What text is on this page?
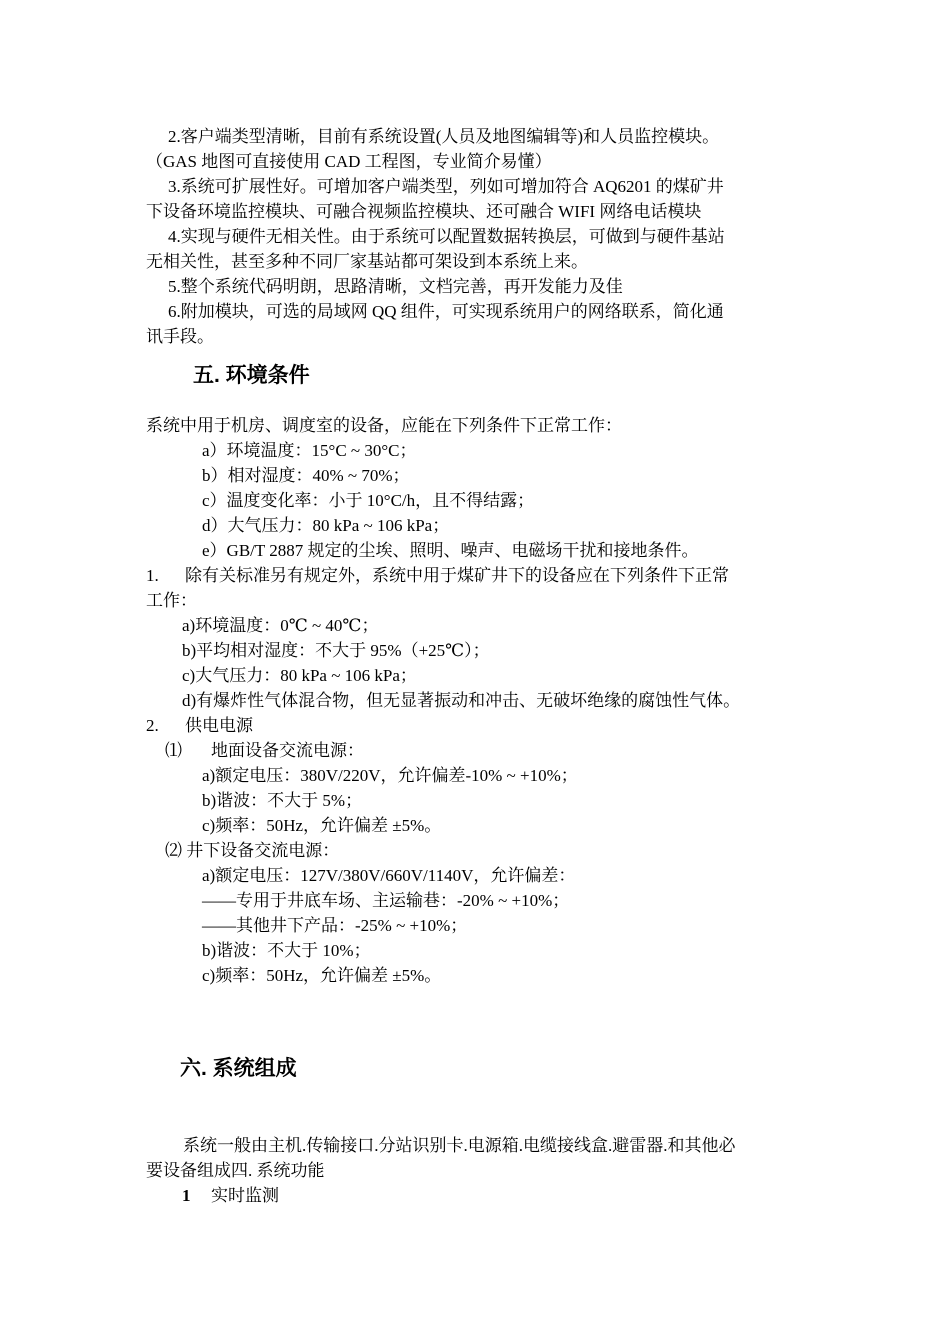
2.客户端类型清晰，目前有系统设置(人员及地图编辑等)和人员监控模块。
（GAS 地图可直接使用 CAD 工程图，专业简介易懂）
3.系统可扩展性好。可增加客户端类型，列如可增加符合 AQ6201 的煤矿井
下设备环境监控模块、可融合视频监控模块、还可融合 WIFI 网络电话模块
4.实现与硬件无相关性。由于系统可以配置数据转换层，可做到与硬件基站
无相关性，甚至多种不同厂家基站都可架设到本系统上来。
5.整个系统代码明朗，思路清晰，文档完善，再开发能力及佳
6.附加模块，可选的局域网 QQ 组件，可实现系统用户的网络联系，简化通
讯手段。
五. 环境条件
系统中用于机房、调度室的设备，应能在下列条件下正常工作：
a）环境温度：15°C ~ 30°C；
b）相对湿度：40% ~ 70%；
c）温度变化率：小于 10°C/h，且不得结露；
d）大气压力：80 kPa ~ 106 kPa；
e）GB/T 2887 规定的尘埃、照明、噪声、电磁场干扰和接地条件。
1. 除有关标准另有规定外，系统中用于煤矿井下的设备应在下列条件下正常
工作：
a)环境温度：0℃ ~ 40℃；
b)平均相对湿度：不大于 95%（+25℃）；
c)大气压力：80 kPa ~ 106 kPa；
d)有爆炸性气体混合物，但无显著振动和冲击、无破坏绝缘的腐蚀性气体。
2. 供电电源
⑴ 地面设备交流电源：
a)额定电压：380V/220V，允许偏差-10% ~ +10%；
b)谐波：不大于 5%；
c)频率：50Hz，允许偏差 ±5%。
⑵ 井下设备交流电源：
a)额定电压：127V/380V/660V/1140V，允许偏差：
——专用于井底车场、主运输巷：-20% ~ +10%；
——其他井下产品：-25% ~ +10%；
b)谐波：不大于 10%；
c)频率：50Hz，允许偏差 ±5%。
六. 系统组成
系统一般由主机.传输接口.分站识别卡.电源箱.电缆接线盒.避雷器.和其他必
要设备组成四. 系统功能
1 实时监测
